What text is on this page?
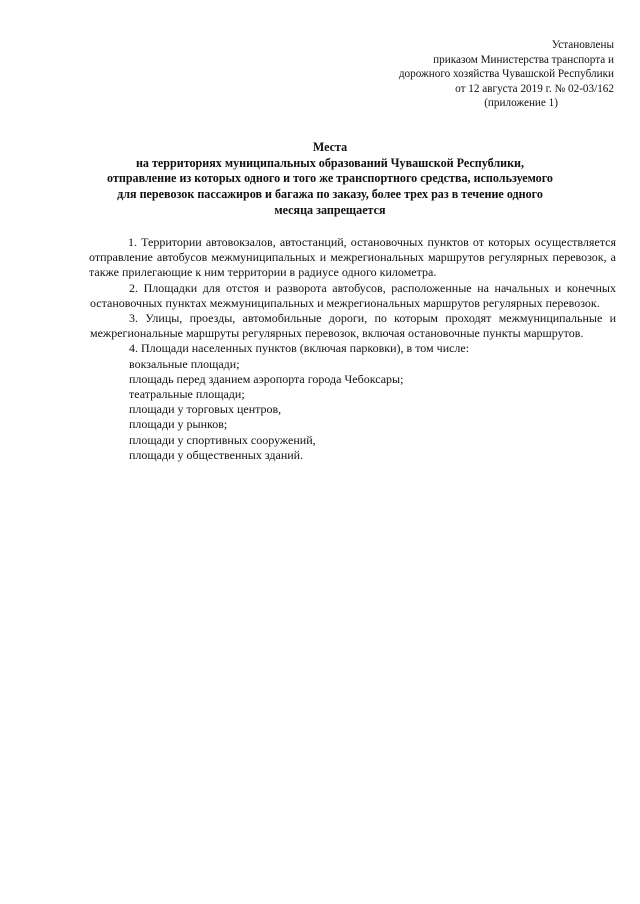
Установлены
приказом Министерства транспорта и
дорожного хозяйства Чувашской Республики
от 12 августа 2019 г. № 02-03/162
(приложение 1)
Места
на территориях муниципальных образований Чувашской Республики,
отправление из которых одного и того же транспортного средства, используемого
для перевозок пассажиров и багажа по заказу, более трех раз в течение одного
месяца запрещается

1. Территории автовокзалов, автостанций, остановочных пунктов от которых осуществляется отправление автобусов межмуниципальных и межрегиональных маршрутов регулярных перевозок, а также прилегающие к ним территории в радиусе одного километра.

2. Площадки для отстоя и разворота автобусов, расположенные на начальных и конечных остановочных пунктах межмуниципальных и межрегиональных маршрутов регулярных перевозок.

3. Улицы, проезды, автомобильные дороги, по которым проходят межмуниципальные и межрегиональные маршруты регулярных перевозок, включая остановочные пункты маршрутов.

4. Площади населенных пунктов (включая парковки), в том числе:

вокзальные площади;
площадь перед зданием аэропорта города Чебоксары;
театральные площади;
площади у торговых центров,
площади у рынков;
площади у спортивных сооружений,
площади у общественных зданий.
